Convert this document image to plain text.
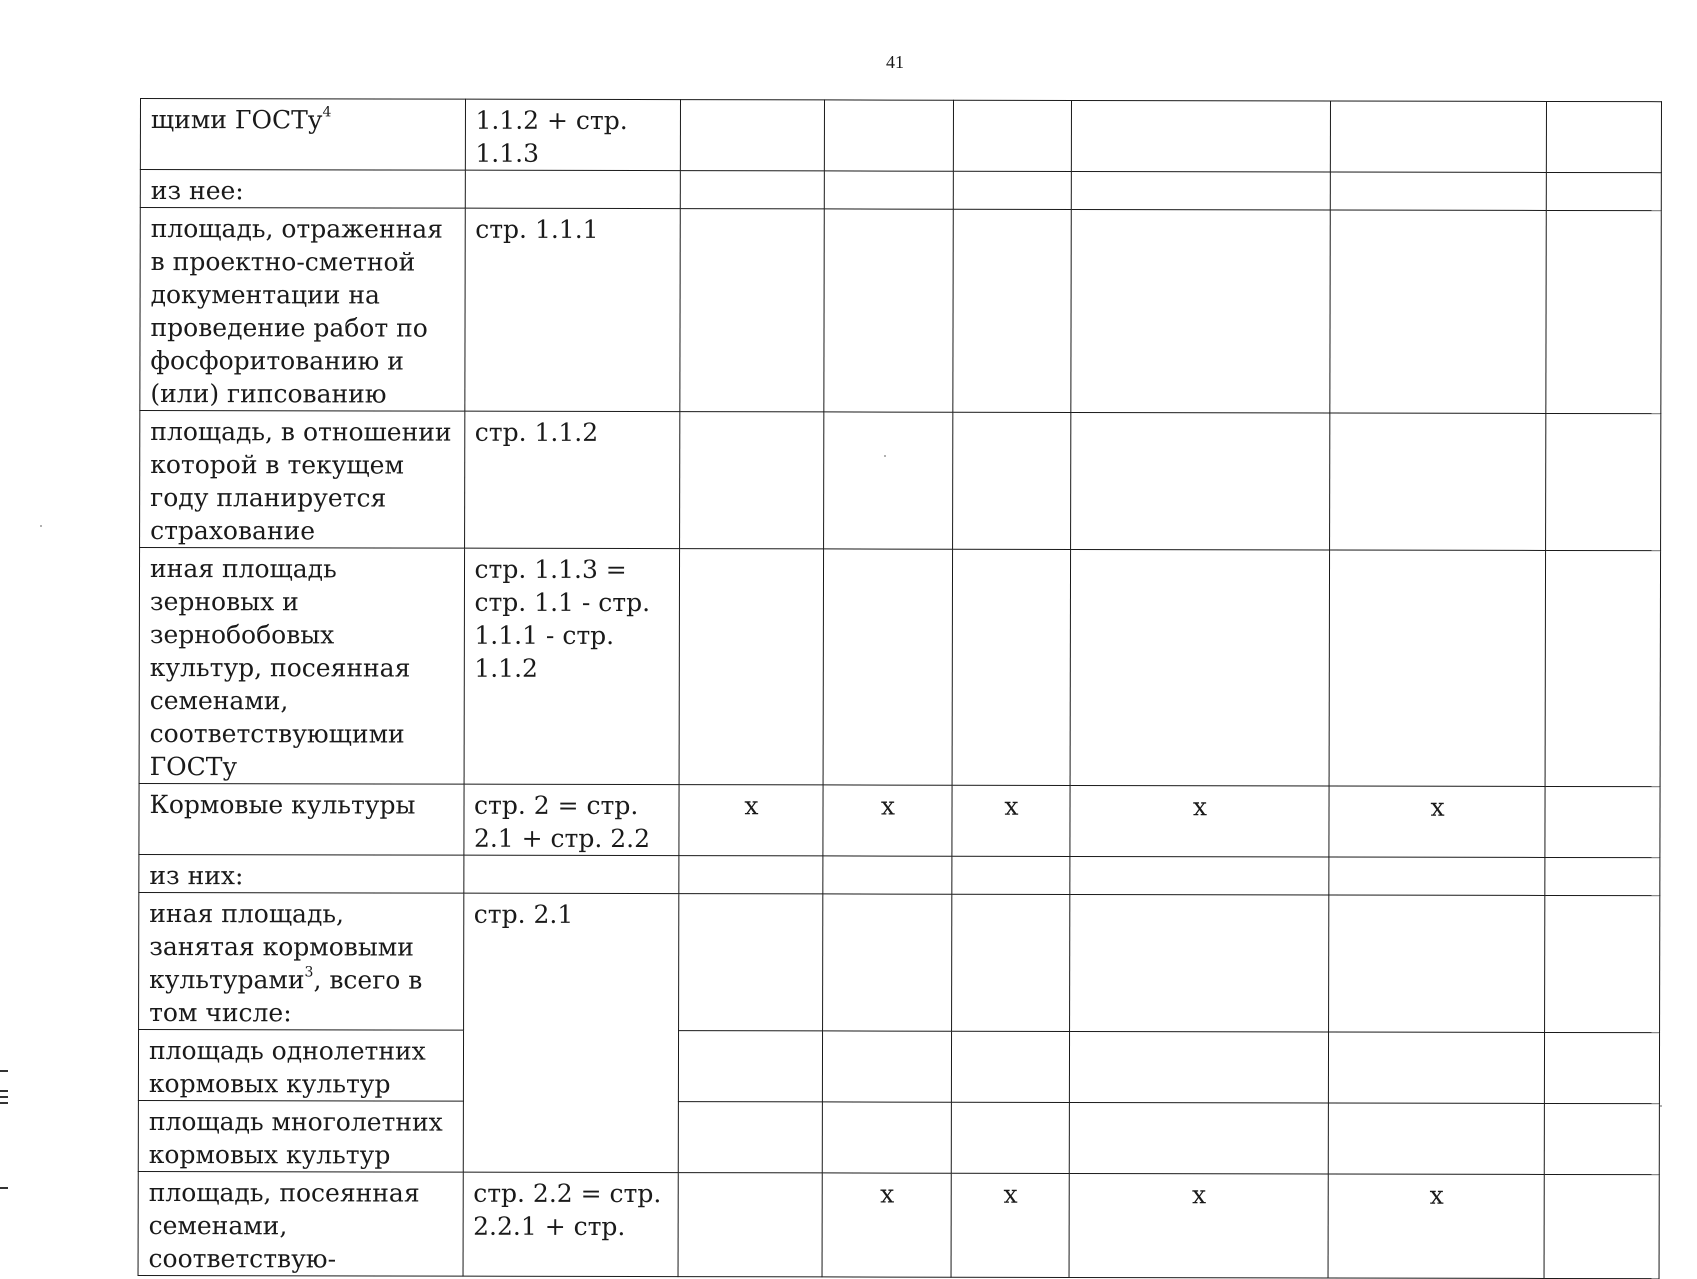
41
щими ГОСТу$^4$	1.1.2 + стр. 1.1.3						
из нее:							
площадь, отраженная в проектно-сметной документации на проведение работ по фосфоритованию и (или) гипсованию	стр. 1.1.1						
площадь, в отношении которой в текущем году планируется страхование	стр. 1.1.2						
иная площадь зерновых и зернобобовых культур, посеянная семенами, соответствующими ГОСТу	стр. 1.1.3 = стр. 1.1 - стр. 1.1.1 - стр. 1.1.2						
Кормовые культуры	стр. 2 = стр. 2.1 + стр. 2.2	x	x	x	x	x	
из них:							
иная площадь, занятая кормовыми культурами$^3$, всего в том числе:	стр. 2.1						
площадь однолетних кормовых культур							
площадь многолетних кормовых культур							
площадь, посеянная семенами, соответствую-	стр. 2.2 = стр. 2.2.1 + стр.		x	x	x	x	
